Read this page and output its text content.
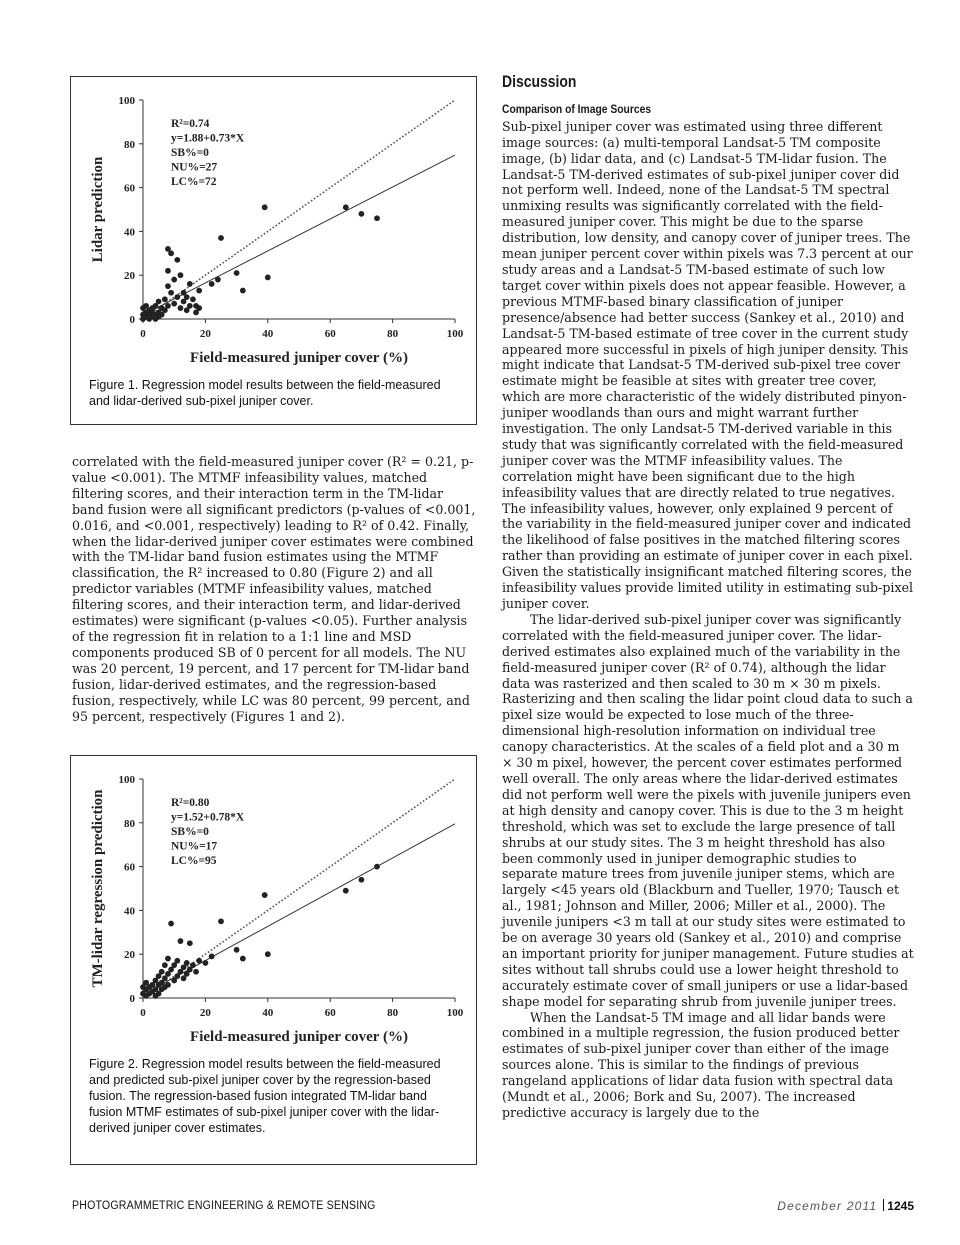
0	20	40	60	80	100
0
20
40
60
80
100
Field-measured juniper cover (%)
Lidar prediction
R²=0.74
y=1.88+0.73*X
SB%=0
NU%=27
LC%=72

Figure 1. Regression model results between the field-measured and lidar-derived sub-pixel juniper cover.

0	20	40	60	80	100
0
20
40
60
80
100
Field-measured juniper cover (%)
TM-lidar regression prediction	R²=0.80
y=1.52+0.78*X
SB%=0
NU%=17
LC%=95

Figure 2. Regression model results between the field-measured and predicted sub-pixel juniper cover by the regression-based fusion. The regression-based fusion integrated TM-lidar band fusion MTMF estimates of sub-pixel juniper cover with the lidar-derived juniper cover estimates.

correlated with the field-measured juniper cover (R² = 0.21, p-value <0.001). The MTMF infeasibility values, matched filtering scores, and their interaction term in the TM-lidar band fusion were all significant predictors (p-values of <0.001, 0.016, and <0.001, respectively) leading to R² of 0.42. Finally, when the lidar-derived juniper cover estimates were combined with the TM-lidar band fusion estimates using the MTMF classification, the R² increased to 0.80 (Figure 2) and all predictor variables (MTMF infeasibility values, matched filtering scores, and their interaction term, and lidar-derived estimates) were significant (p-values <0.05). Further analysis of the regression fit in relation to a 1:1 line and MSD components produced SB of 0 percent for all models. The NU was 20 percent, 19 percent, and 17 percent for TM-lidar band fusion, lidar-derived estimates, and the regression-based fusion, respectively, while LC was 80 percent, 99 percent, and 95 percent, respectively (Figures 1 and 2).

Discussion
Comparison of Image Sources

Sub-pixel juniper cover was estimated using three different image sources: (a) multi-temporal Landsat-5 TM composite image, (b) lidar data, and (c) Landsat-5 TM-lidar fusion. The Landsat-5 TM-derived estimates of sub-pixel juniper cover did not perform well. Indeed, none of the Landsat-5 TM spectral unmixing results was significantly correlated with the field-measured juniper cover. This might be due to the sparse distribution, low density, and canopy cover of juniper trees. The mean juniper percent cover within pixels was 7.3 percent at our study areas and a Landsat-5 TM-based estimate of such low target cover within pixels does not appear feasible. However, a previous MTMF-based binary classification of juniper presence/absence had better success (Sankey et al., 2010) and Landsat-5 TM-based estimate of tree cover in the current study appeared more successful in pixels of high juniper density. This might indicate that Landsat-5 TM-derived sub-pixel tree cover estimate might be feasible at sites with greater tree cover, which are more characteristic of the widely distributed pinyon-juniper woodlands than ours and might warrant further investigation. The only Landsat-5 TM-derived variable in this study that was significantly correlated with the field-measured juniper cover was the MTMF infeasibility values. The correlation might have been significant due to the high infeasibility values that are directly related to true negatives. The infeasibility values, however, only explained 9 percent of the variability in the field-measured juniper cover and indicated the likelihood of false positives in the matched filtering scores rather than providing an estimate of juniper cover in each pixel. Given the statistically insignificant matched filtering scores, the infeasibility values provide limited utility in estimating sub-pixel juniper cover.

The lidar-derived sub-pixel juniper cover was significantly correlated with the field-measured juniper cover. The lidar-derived estimates also explained much of the variability in the field-measured juniper cover (R² of 0.74), although the lidar data was rasterized and then scaled to 30 m × 30 m pixels. Rasterizing and then scaling the lidar point cloud data to such a pixel size would be expected to lose much of the three-dimensional high-resolution information on individual tree canopy characteristics. At the scales of a field plot and a 30 m × 30 m pixel, however, the percent cover estimates performed well overall. The only areas where the lidar-derived estimates did not perform well were the pixels with juvenile junipers even at high density and canopy cover. This is due to the 3 m height threshold, which was set to exclude the large presence of tall shrubs at our study sites. The 3 m height threshold has also been commonly used in juniper demographic studies to separate mature trees from juvenile juniper stems, which are largely <45 years old (Blackburn and Tueller, 1970; Tausch et al., 1981; Johnson and Miller, 2006; Miller et al., 2000). The juvenile junipers <3 m tall at our study sites were estimated to be on average 30 years old (Sankey et al., 2010) and comprise an important priority for juniper management. Future studies at sites without tall shrubs could use a lower height threshold to accurately estimate cover of small junipers or use a lidar-based shape model for separating shrub from juvenile juniper trees.

When the Landsat-5 TM image and all lidar bands were combined in a multiple regression, the fusion produced better estimates of sub-pixel juniper cover than either of the image sources alone. This is similar to the findings of previous rangeland applications of lidar data fusion with spectral data (Mundt et al., 2006; Bork and Su, 2007). The increased predictive accuracy is largely due to the

PHOTOGRAMMETRIC ENGINEERING & REMOTE SENSING	December 2011 1245
